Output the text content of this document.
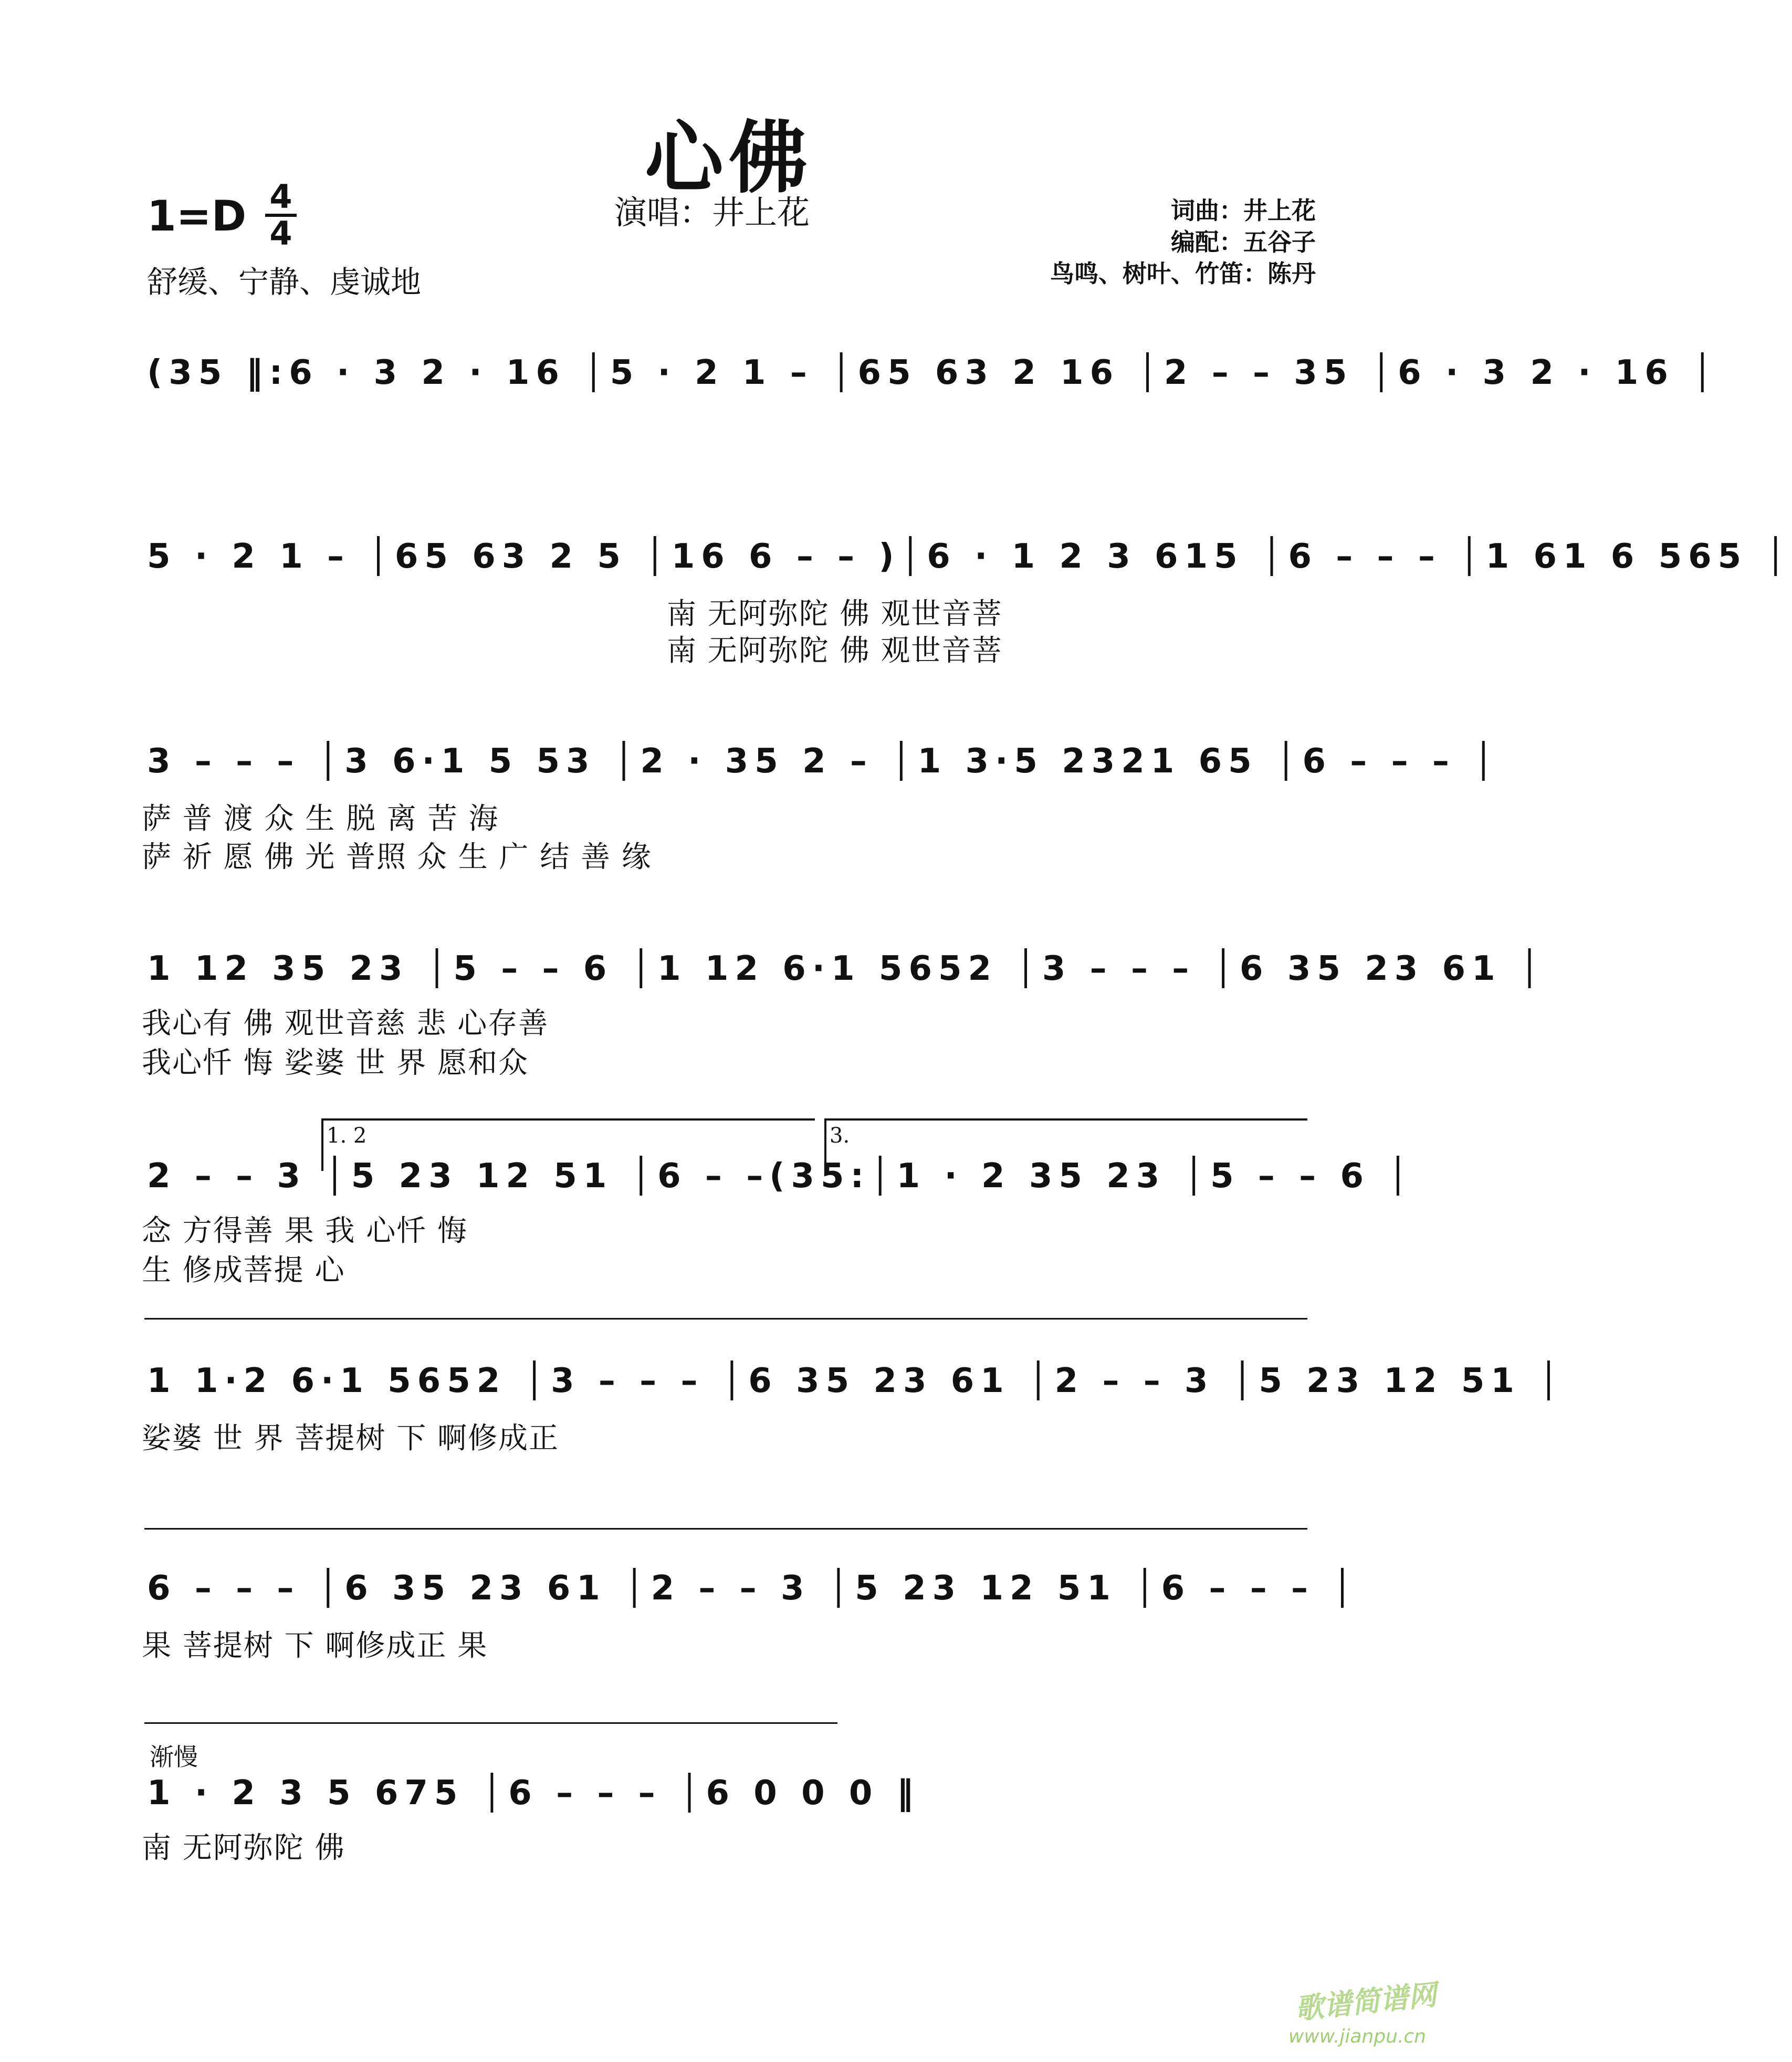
心佛
演唱：井上花
1=D 4
4
舒缓、宁静、虔诚地
词曲：井上花
编配：五谷子
鸟鸣、树叶、竹笛：陈丹
(35 ‖:6 · 3 2 · 16 │5 · 2 1 – │65 63 2 16 │2 – – 35 │6 · 3 2 · 16 │
5 · 2 1 – │65 63 2 5 │16 6 – – )│6 · 1 2 3 615 │6 – – – │1 61 6 565 │
南 无阿弥陀 佛 观世音菩
南 无阿弥陀 佛 观世音菩
3 – – – │3 6·1 5 53 │2 · 35 2 – │1 3·5 2321 65 │6 – – – │
萨 普 渡 众 生 脱 离 苦 海
萨 祈 愿 佛 光 普照 众 生 广 结 善 缘
1 12 35 23 │5 – – 6 │1 12 6·1 5652 │3 – – – │6 35 23 61 │
我心有 佛 观世音慈 悲 心存善
我心忏 悔 娑婆 世 界 愿和众
1. 2	3.
2 – – 3 │5 23 12 51 │6 – –(35:│1 · 2 35 23 │5 – – 6 │
念 方得善 果 我 心忏 悔
生 修成菩提 心
1 1·2 6·1 5652 │3 – – – │6 35 23 61 │2 – – 3 │5 23 12 51 │
娑婆 世 界 菩提树 下 啊修成正
6 – – – │6 35 23 61 │2 – – 3 │5 23 12 51 │6 – – – │
果 菩提树 下 啊修成正 果
渐慢
1 · 2 3 5 675 │6 – – – │6 0 0 0 ‖
南 无阿弥陀 佛
歌谱简谱网
www.jianpu.cn
